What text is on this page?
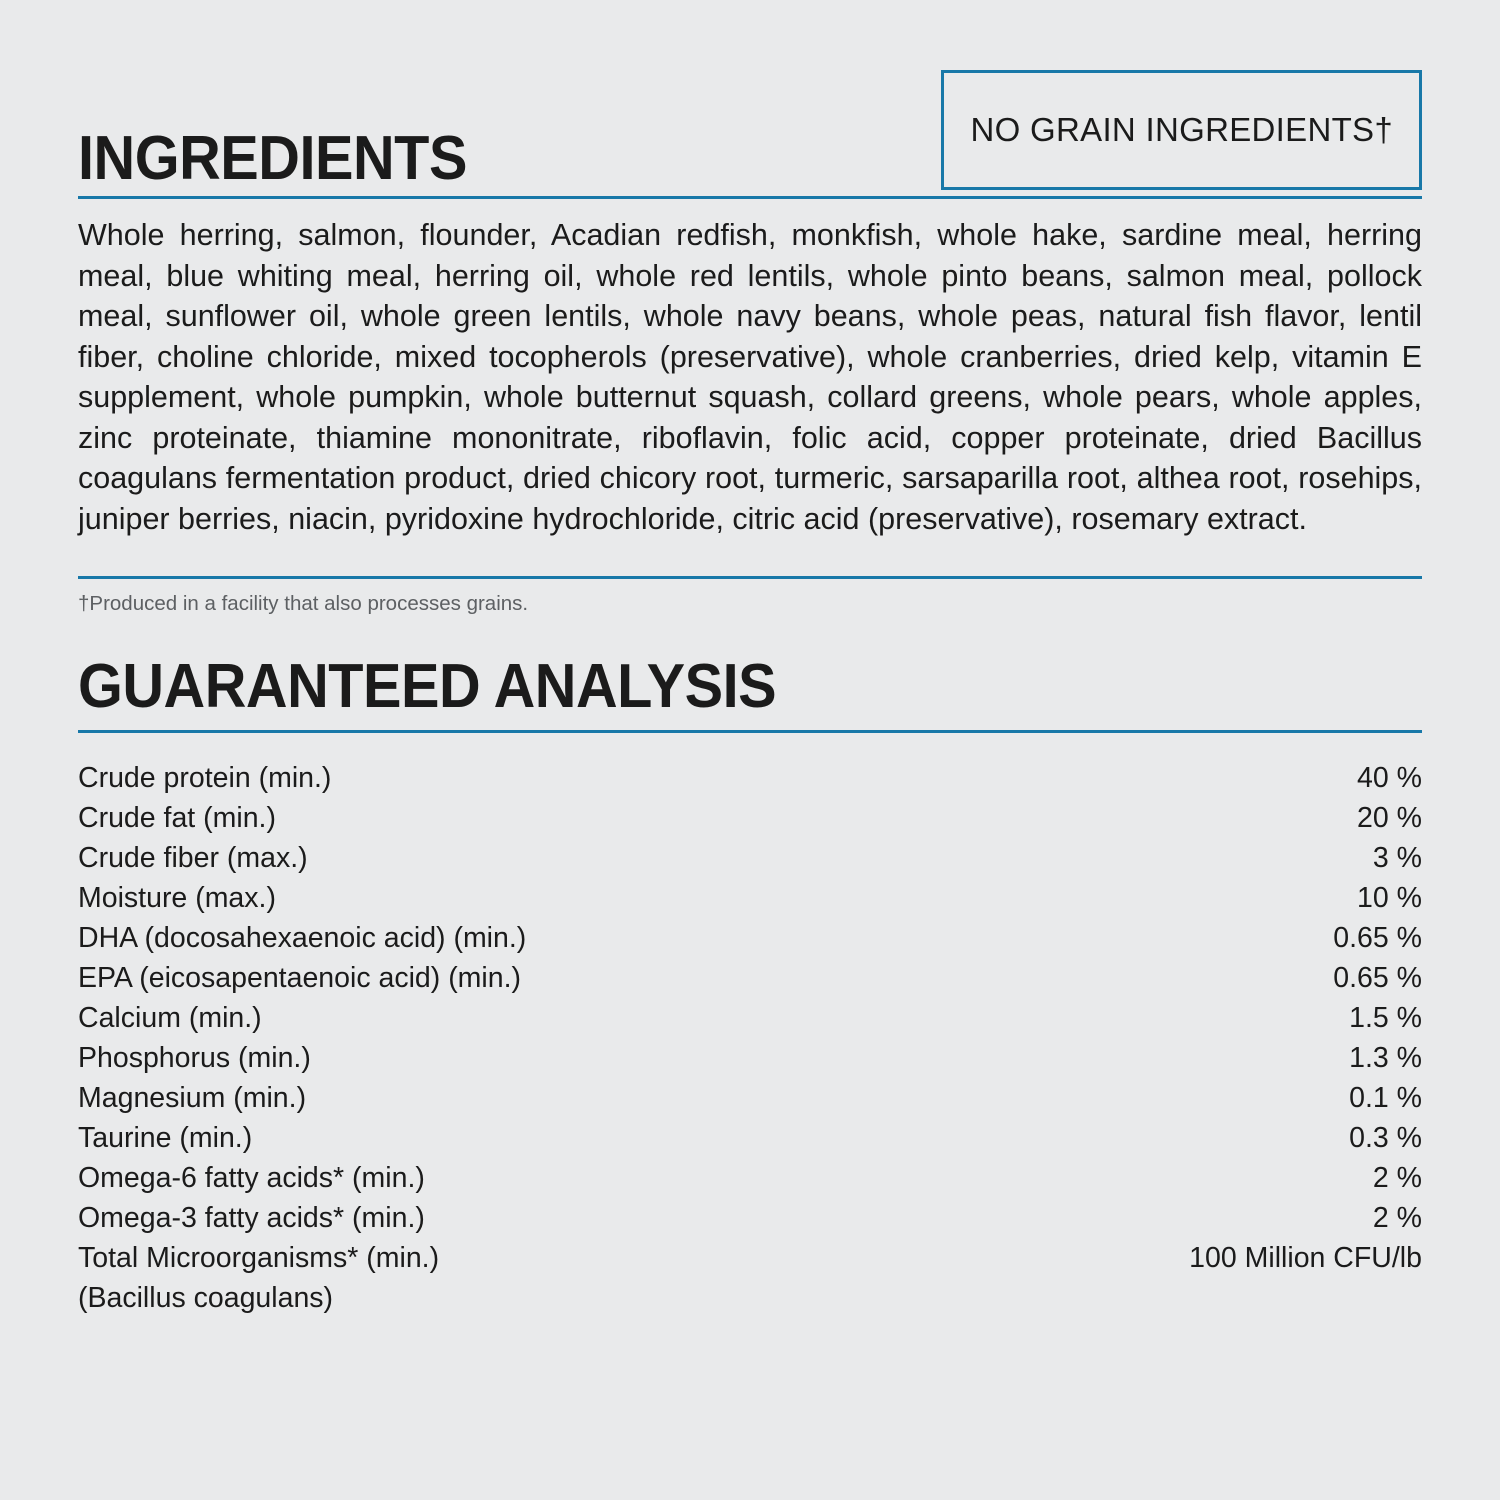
INGREDIENTS	NO GRAIN INGREDIENTS†
Whole herring, salmon, flounder, Acadian redfish, monkfish, whole hake, sardine meal, herring meal, blue whiting meal, herring oil, whole red lentils, whole pinto beans, salmon meal, pollock meal, sunflower oil, whole green lentils, whole navy beans, whole peas, natural fish flavor, lentil fiber, choline chloride, mixed tocopherols (preservative), whole cranberries, dried kelp, vitamin E supplement, whole pumpkin, whole butternut squash, collard greens, whole pears, whole apples, zinc proteinate, thiamine mononitrate, riboflavin, folic acid, copper proteinate, dried Bacillus coagulans fermentation product, dried chicory root, turmeric, sarsaparilla root, althea root, rosehips, juniper berries, niacin, pyridoxine hydrochloride, citric acid (preservative), rosemary extract.
†Produced in a facility that also processes grains.
GUARANTEED ANALYSIS
Crude protein (min.)	40 %
Crude fat (min.)	20 %
Crude fiber (max.)	3 %
Moisture (max.)	10 %
DHA (docosahexaenoic acid) (min.)	0.65 %
EPA (eicosapentaenoic acid) (min.)	0.65 %
Calcium (min.)	1.5 %
Phosphorus (min.)	1.3 %
Magnesium (min.)	0.1 %
Taurine (min.)	0.3 %
Omega-6 fatty acids* (min.)	2 %
Omega-3 fatty acids* (min.)	2 %
Total Microorganisms* (min.)	100 Million CFU/lb
(Bacillus coagulans)	
